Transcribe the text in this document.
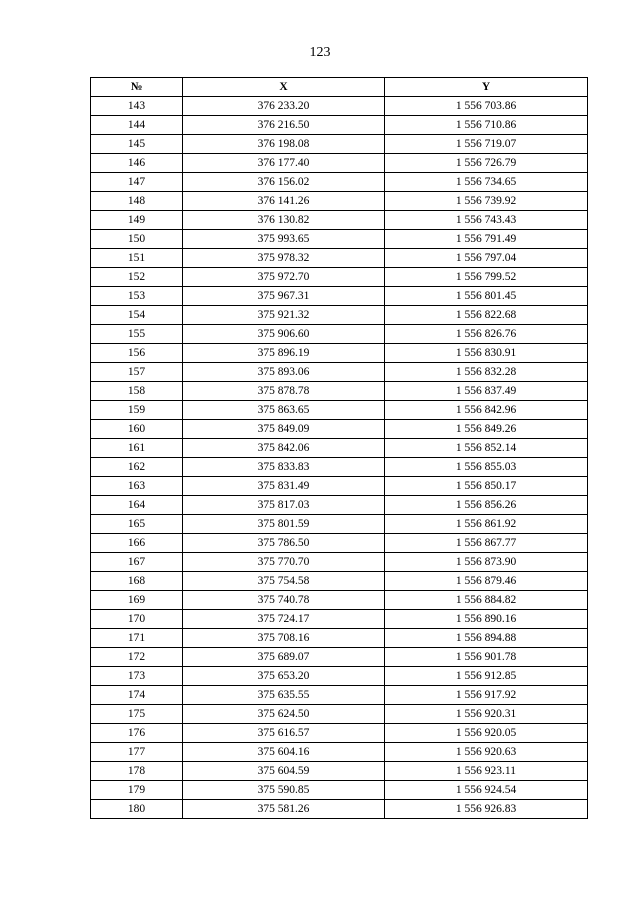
123
№	X	Y
143	376 233.20	1 556 703.86
144	376 216.50	1 556 710.86
145	376 198.08	1 556 719.07
146	376 177.40	1 556 726.79
147	376 156.02	1 556 734.65
148	376 141.26	1 556 739.92
149	376 130.82	1 556 743.43
150	375 993.65	1 556 791.49
151	375 978.32	1 556 797.04
152	375 972.70	1 556 799.52
153	375 967.31	1 556 801.45
154	375 921.32	1 556 822.68
155	375 906.60	1 556 826.76
156	375 896.19	1 556 830.91
157	375 893.06	1 556 832.28
158	375 878.78	1 556 837.49
159	375 863.65	1 556 842.96
160	375 849.09	1 556 849.26
161	375 842.06	1 556 852.14
162	375 833.83	1 556 855.03
163	375 831.49	1 556 850.17
164	375 817.03	1 556 856.26
165	375 801.59	1 556 861.92
166	375 786.50	1 556 867.77
167	375 770.70	1 556 873.90
168	375 754.58	1 556 879.46
169	375 740.78	1 556 884.82
170	375 724.17	1 556 890.16
171	375 708.16	1 556 894.88
172	375 689.07	1 556 901.78
173	375 653.20	1 556 912.85
174	375 635.55	1 556 917.92
175	375 624.50	1 556 920.31
176	375 616.57	1 556 920.05
177	375 604.16	1 556 920.63
178	375 604.59	1 556 923.11
179	375 590.85	1 556 924.54
180	375 581.26	1 556 926.83
